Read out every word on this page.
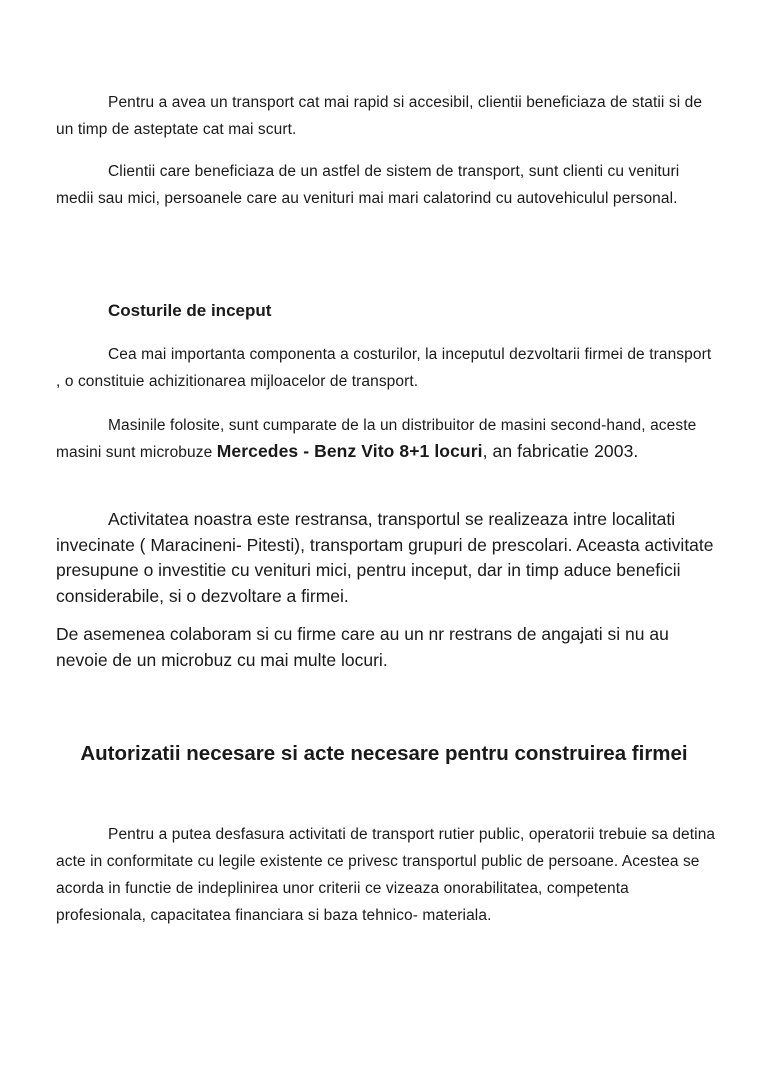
Pentru a avea un transport cat mai rapid si accesibil, clientii beneficiaza de statii si de un timp de asteptate cat mai scurt.

Clientii care beneficiaza de un astfel de sistem de transport, sunt clienti cu venituri medii sau mici, persoanele care au venituri mai mari calatorind cu autovehiculul personal.

Costurile de inceput

Cea mai importanta componenta a costurilor, la inceputul dezvoltarii firmei de transport , o constituie achizitionarea mijloacelor de transport.

Masinile folosite, sunt cumparate de la un distribuitor de masini second-hand, aceste masini sunt microbuze Mercedes - Benz Vito 8+1 locuri, an fabricatie 2003.

Activitatea noastra este restransa, transportul se realizeaza intre localitati invecinate ( Maracineni- Pitesti), transportam grupuri de prescolari. Aceasta activitate presupune o investitie cu venituri mici, pentru inceput, dar in timp aduce beneficii considerabile, si o dezvoltare a firmei.

De asemenea colaboram si cu firme care au un nr restrans de angajati si nu au nevoie de un microbuz cu mai multe locuri.

Autorizatii necesare si acte necesare pentru construirea firmei

Pentru a putea desfasura activitati de transport rutier public, operatorii trebuie sa detina acte in conformitate cu legile existente ce privesc transportul public de persoane. Acestea se acorda in functie de indeplinirea unor criterii ce vizeaza onorabilitatea, competenta profesionala, capacitatea financiara si baza tehnico- materiala.
